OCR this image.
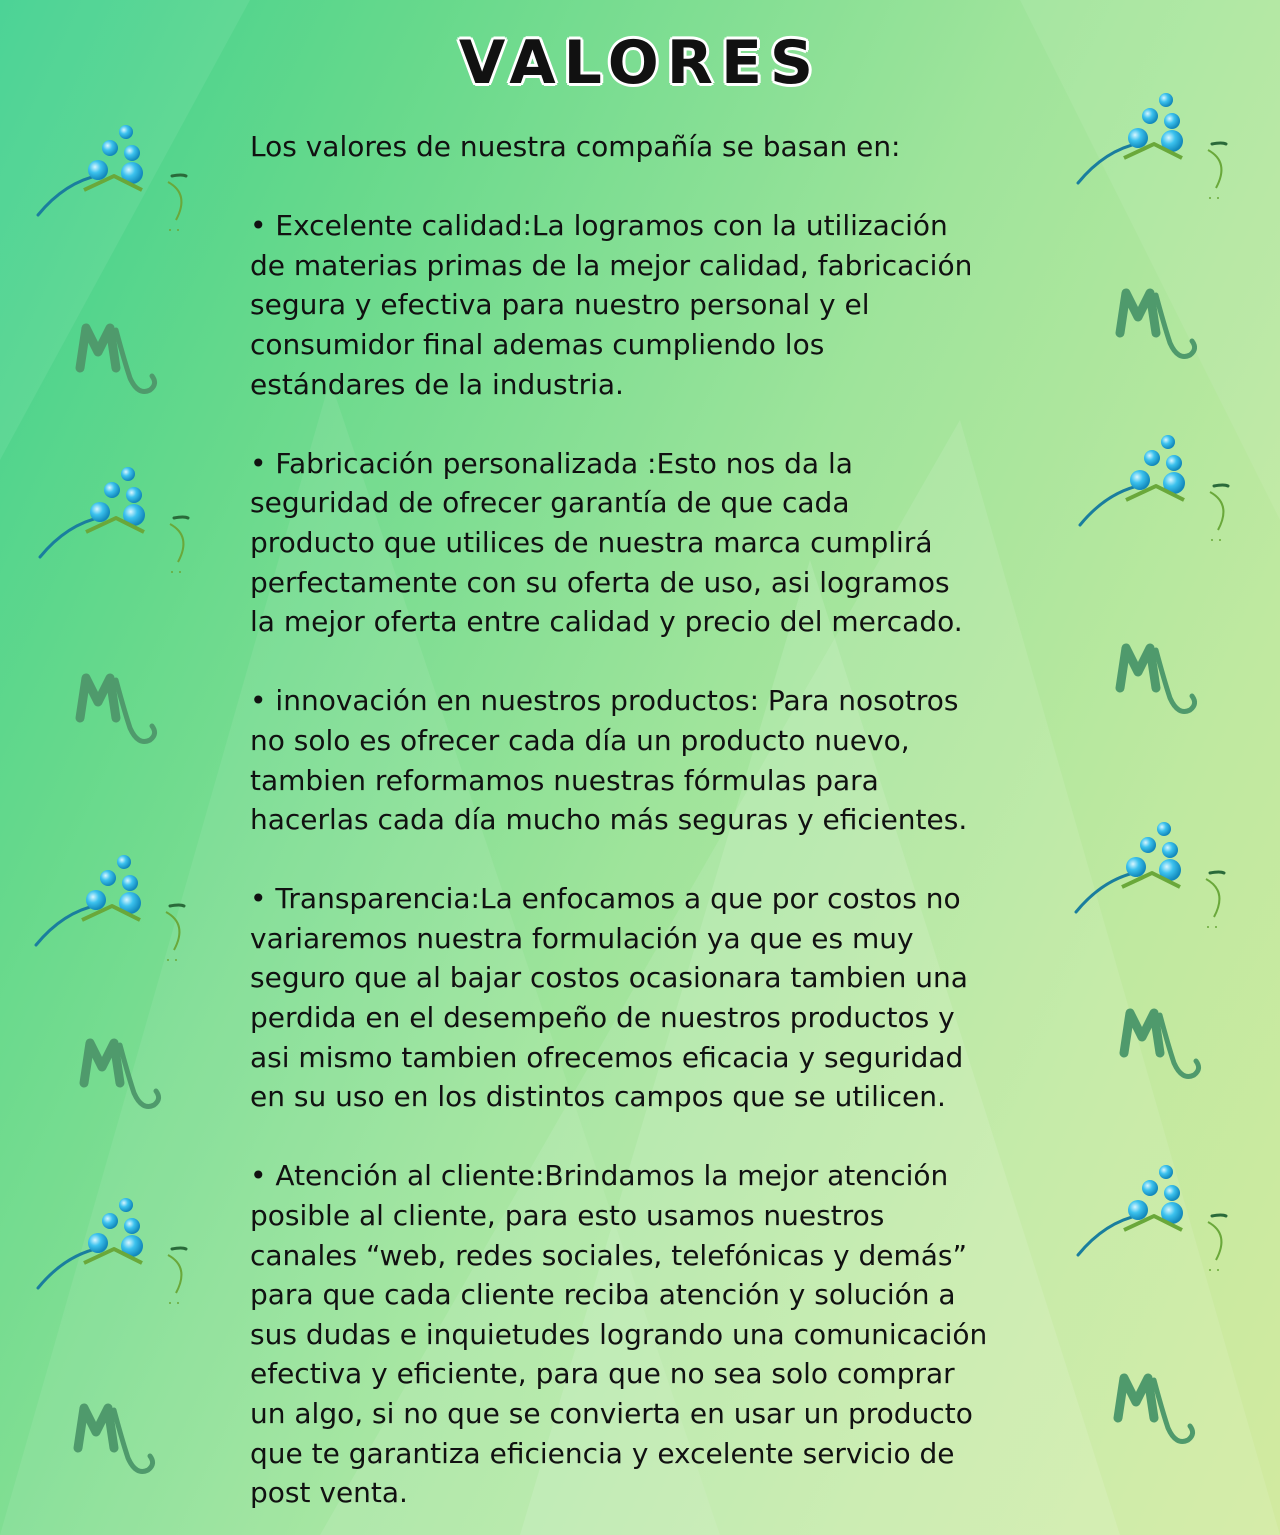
VALORES

Los valores de nuestra compañía se basan en:

• Excelente calidad:La logramos con la utilización
de materias primas de la mejor calidad, fabricación
segura y efectiva para nuestro personal y el
consumidor final ademas cumpliendo los
estándares de la industria.

• Fabricación personalizada :Esto nos da la
seguridad de ofrecer garantía de que cada
producto que utilices de nuestra marca cumplirá
perfectamente con su oferta de uso, asi logramos
la mejor oferta entre calidad y precio del mercado.

• innovación en nuestros productos: Para nosotros
no solo es ofrecer cada día un producto nuevo,
tambien reformamos nuestras fórmulas para
hacerlas cada día mucho más seguras y eficientes.

• Transparencia:La enfocamos a que por costos no
variaremos nuestra formulación ya que es muy
seguro que al bajar costos ocasionara tambien una
perdida en el desempeño de nuestros productos y
asi mismo tambien ofrecemos eficacia y seguridad
en su uso en los distintos campos que se utilicen.

• Atención al cliente:Brindamos la mejor atención
posible al cliente, para esto usamos nuestros
canales “web, redes sociales, telefónicas y demás”
para que cada cliente reciba atención y solución a
sus dudas e inquietudes logrando una comunicación
efectiva y eficiente, para que no sea solo comprar
un algo, si no que se convierta en usar un producto
que te garantiza eficiencia y excelente servicio de
post venta.
